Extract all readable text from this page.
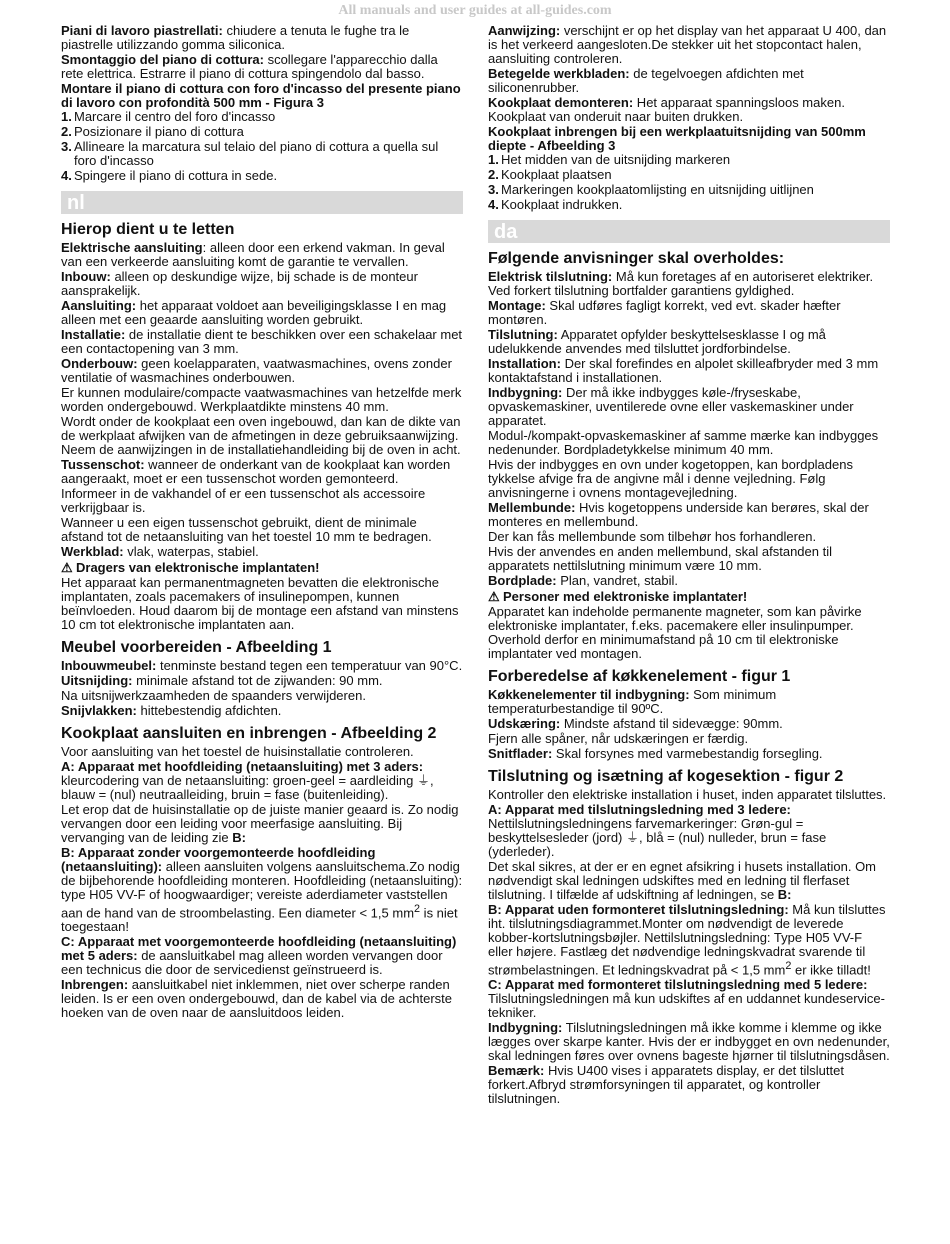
All manuals and user guides at all-guides.com
Piani di lavoro piastrellati: chiudere a tenuta le fughe tra le piastrelle utilizzando gomma siliconica.
Smontaggio del piano di cottura: scollegare l'apparecchio dalla rete elettrica. Estrarre il piano di cottura spingendolo dal basso.
Montare il piano di cottura con foro d'incasso del presente piano di lavoro con profondità 500 mm - Figura 3
1. Marcare il centro del foro d'incasso
2. Posizionare il piano di cottura
3. Allineare la marcatura sul telaio del piano di cottura a quella sul foro d'incasso
4. Spingere il piano di cottura in sede.
nl
Hierop dient u te letten
Elektrische aansluiting: alleen door een erkend vakman. In geval van een verkeerde aansluiting komt de garantie te vervallen.
Inbouw: alleen op deskundige wijze, bij schade is de monteur aansprakelijk.
Aansluiting: het apparaat voldoet aan beveiligingsklasse I en mag alleen met een geaarde aansluiting worden gebruikt.
Installatie: de installatie dient te beschikken over een schakelaar met een contactopening van 3 mm.
Onderbouw: geen koelapparaten, vaatwasmachines, ovens zonder ventilatie of wasmachines onderbouwen.
Er kunnen modulaire/compacte vaatwasmachines van hetzelfde merk worden ondergebouwd. Werkplaatdikte minstens 40 mm.
Wordt onder de kookplaat een oven ingebouwd, dan kan de dikte van de werkplaat afwijken van de afmetingen in deze gebruiksaanwijzing. Neem de aanwijzingen in de installatiehandleiding bij de oven in acht.
Tussenschot: wanneer de onderkant van de kookplaat kan worden aangeraakt, moet er een tussenschot worden gemonteerd.
Informeer in de vakhandel of er een tussenschot als accessoire verkrijgbaar is.
Wanneer u een eigen tussenschot gebruikt, dient de minimale afstand tot de netaansluiting van het toestel 10 mm te bedragen.
Werkblad: vlak, waterpas, stabiel.
⚠ Dragers van elektronische implantaten!
Het apparaat kan permanentmagneten bevatten die elektronische implantaten, zoals pacemakers of insulinepompen, kunnen beïnvloeden. Houd daarom bij de montage een afstand van minstens 10 cm tot elektronische implantaten aan.
Meubel voorbereiden - Afbeelding 1
Inbouwmeubel: tenminste bestand tegen een temperatuur van 90°C.
Uitsnijding: minimale afstand tot de zijwanden: 90 mm.
Na uitsnijwerkzaamheden de spaanders verwijderen.
Snijvlakken: hittebestendig afdichten.
Kookplaat aansluiten en inbrengen - Afbeelding 2
Voor aansluiting van het toestel de huisinstallatie controleren.
A: Apparaat met hoofdleiding (netaansluiting) met 3 aders: kleurcodering van de netaansluiting: groen-geel = aardleiding ⏚, blauw = (nul) neutraalleiding, bruin = fase (buitenleiding).
Let erop dat de huisinstallatie op de juiste manier geaard is. Zo nodig vervangen door een leiding voor meerfasige aansluiting. Bij vervanging van de leiding zie B:
B: Apparaat zonder voorgemonteerde hoofdleiding (netaansluiting): alleen aansluiten volgens aansluitschema.Zo nodig de bijbehorende hoofdleiding monteren. Hoofdleiding (netaansluiting): type H05 VV-F of hoogwaardiger; vereiste aderdiameter vaststellen aan de hand van de stroombelasting. Een diameter < 1,5 $mm^2$ is niet toegestaan!
C: Apparaat met voorgemonteerde hoofdleiding (netaansluiting) met 5 aders: de aansluitkabel mag alleen worden vervangen door een technicus die door de servicedienst geïnstrueerd is.
Inbrengen: aansluitkabel niet inklemmen, niet over scherpe randen leiden. Is er een oven ondergebouwd, dan de kabel via de achterste hoeken van de oven naar de aansluitdoos leiden.
Aanwijzing: verschijnt er op het display van het apparaat U 400, dan is het verkeerd aangesloten.De stekker uit het stopcontact halen, aansluiting controleren.
Betegelde werkbladen: de tegelvoegen afdichten met siliconenrubber.
Kookplaat demonteren: Het apparaat spanningsloos maken. Kookplaat van onderuit naar buiten drukken.
Kookplaat inbrengen bij een werkplaatuitsnijding van 500mm diepte - Afbeelding 3
1. Het midden van de uitsnijding markeren
2. Kookplaat plaatsen
3. Markeringen kookplaatomlijsting en uitsnijding uitlijnen
4. Kookplaat indrukken.
da
Følgende anvisninger skal overholdes:
Elektrisk tilslutning: Må kun foretages af en autoriseret elektriker. Ved forkert tilslutning bortfalder garantiens gyldighed.
Montage: Skal udføres fagligt korrekt, ved evt. skader hæfter montøren.
Tilslutning: Apparatet opfylder beskyttelsesklasse I og må udelukkende anvendes med tilsluttet jordforbindelse.
Installation: Der skal forefindes en alpolet skilleafbryder med 3 mm kontaktafstand i installationen.
Indbygning: Der må ikke indbygges køle-/fryseskabe, opvaskemaskiner, uventilerede ovne eller vaskemaskiner under apparatet.
Modul-/kompakt-opvaskemaskiner af samme mærke kan indbygges nedenunder. Bordpladetykkelse minimum 40 mm.
Hvis der indbygges en ovn under kogetoppen, kan bordpladens tykkelse afvige fra de angivne mål i denne vejledning. Følg anvisningerne i ovnens montagevejledning.
Mellembunde: Hvis kogetoppens underside kan berøres, skal der monteres en mellembund.
Der kan fås mellembunde som tilbehør hos forhandleren.
Hvis der anvendes en anden mellembund, skal afstanden til apparatets nettilslutning minimum være 10 mm.
Bordplade: Plan, vandret, stabil.
⚠ Personer med elektroniske implantater!
Apparatet kan indeholde permanente magneter, som kan påvirke elektroniske implantater, f.eks. pacemakere eller insulinpumper. Overhold derfor en minimumafstand på 10 cm til elektroniske implantater ved montagen.
Forberedelse af køkkenelement - figur 1
Køkkenelementer til indbygning: Som minimum temperaturbestandige til 90ºC.
Udskæring: Mindste afstand til sidevægge: 90mm.
Fjern alle spåner, når udskæringen er færdig.
Snitflader: Skal forsynes med varmebestandig forsegling.
Tilslutning og isætning af kogesektion - figur 2
Kontroller den elektriske installation i huset, inden apparatet tilsluttes.
A: Apparat med tilslutningsledning med 3 ledere: Nettilslutningsledningens farvemarkeringer: Grøn-gul = beskyttelsesleder (jord) ⏚, blå = (nul) nulleder, brun = fase (yderleder).
Det skal sikres, at der er en egnet afsikring i husets installation. Om nødvendigt skal ledningen udskiftes med en ledning til flerfaset tilslutning. I tilfælde af udskiftning af ledningen, se B:
B: Apparat uden formonteret tilslutningsledning: Må kun tilsluttes iht. tilslutningsdiagrammet.Monter om nødvendigt de leverede kobber-kortslutningsbøjler. Nettilslutningsledning: Type H05 VV-F eller højere. Fastlæg det nødvendige ledningskvadrat svarende til strømbelastningen. Et ledningskvadrat på < 1,5 $mm^2$ er ikke tilladt!
C: Apparat med formonteret tilslutningsledning med 5 ledere: Tilslutningsledningen må kun udskiftes af en uddannet kundeservice-tekniker.
Indbygning: Tilslutningsledningen må ikke komme i klemme og ikke lægges over skarpe kanter. Hvis der er indbygget en ovn nedenunder, skal ledningen føres over ovnens bageste hjørner til tilslutningsdåsen.
Bemærk: Hvis U400 vises i apparatets display, er det tilsluttet forkert.Afbryd strømforsyningen til apparatet, og kontroller tilslutningen.
